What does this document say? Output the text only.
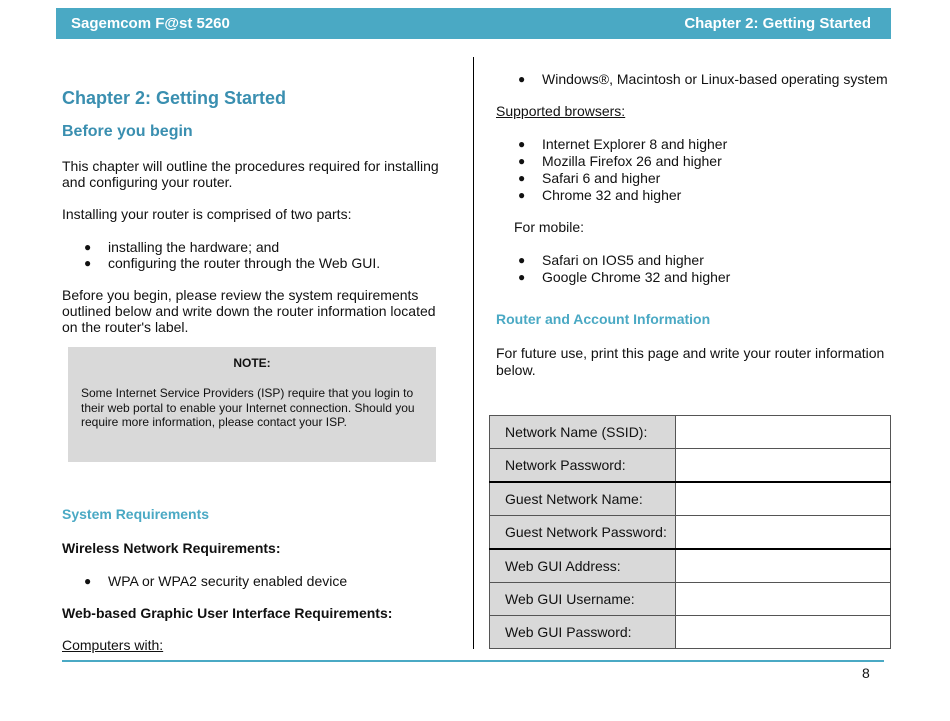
Sagemcom F@st 5260	Chapter 2: Getting Started
Chapter 2: Getting Started
Before you begin

This chapter will outline the procedures required for installing and configuring your router.

Installing your router is comprised of two parts:

● installing the hardware; and
● configuring the router through the Web GUI.

Before you begin, please review the system requirements outlined below and write down the router information located on the router's label.

NOTE:
Some Internet Service Providers (ISP) require that you login to their web portal to enable your Internet connection. Should you require more information, please contact your ISP.

System Requirements

Wireless Network Requirements:

● WPA or WPA2 security enabled device

Web-based Graphic User Interface Requirements:

Computers with:

● Windows®, Macintosh or Linux-based operating system

Supported browsers:

● Internet Explorer 8 and higher
● Mozilla Firefox 26 and higher
● Safari 6 and higher
● Chrome 32 and higher

For mobile:

● Safari on IOS5 and higher
● Google Chrome 32 and higher

Router and Account Information

For future use, print this page and write your router information below.

Network Name (SSID):	
Network Password:	
Guest Network Name:	
Guest Network Password:	
Web GUI Address:	
Web GUI Username:	
Web GUI Password:	
8
